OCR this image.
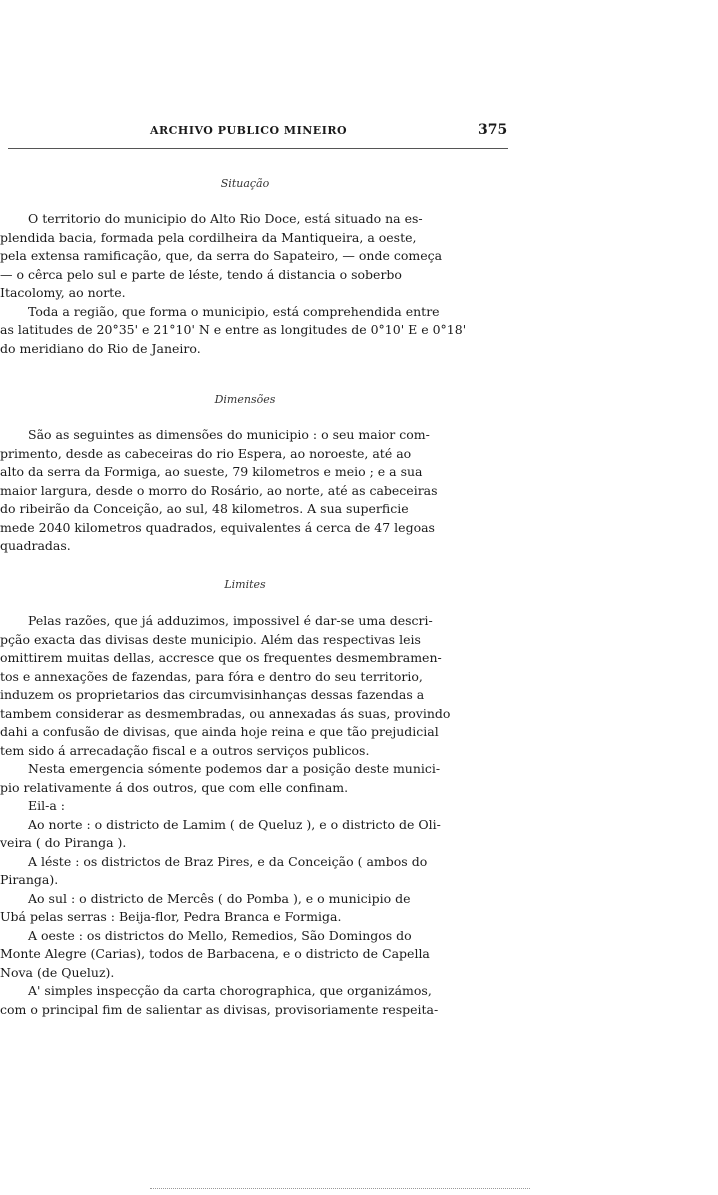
ARCHIVO PUBLICO MINEIRO	375
Situação
O territorio do municipio do Alto Rio Doce, está situado na es-
plendida bacia, formada pela cordilheira da Mantiqueira, a oeste,
pela extensa ramificação, que, da serra do Sapateiro, — onde começa
— o cêrca pelo sul e parte de léste, tendo á distancia o soberbo
Itacolomy, ao norte.
Toda a região, que forma o municipio, está comprehendida entre
as latitudes de 20°35' e 21°10' N e entre as longitudes de 0°10' E e 0°18'
do meridiano do Rio de Janeiro.
Dimensões
São as seguintes as dimensões do municipio : o seu maior com-
primento, desde as cabeceiras do rio Espera, ao noroeste, até ao
alto da serra da Formiga, ao sueste, 79 kilometros e meio ; e a sua
maior largura, desde o morro do Rosário, ao norte, até as cabeceiras
do ribeirão da Conceição, ao sul, 48 kilometros. A sua superficie
mede 2040 kilometros quadrados, equivalentes á cerca de 47 legoas
quadradas.
Limites
Pelas razões, que já adduzimos, impossivel é dar-se uma descri-
pção exacta das divisas deste municipio. Além das respectivas leis
omittirem muitas dellas, accresce que os frequentes desmembramen-
tos e annexações de fazendas, para fóra e dentro do seu territorio,
induzem os proprietarios das circumvisinhanças dessas fazendas a
tambem considerar as desmembradas, ou annexadas ás suas, provindo
dahi a confusão de divisas, que ainda hoje reina e que tão prejudicial
tem sido á arrecadação fiscal e a outros serviços publicos.
Nesta emergencia sómente podemos dar a posição deste munici-
pio relativamente á dos outros, que com elle confinam.
Eil-a :
Ao norte : o districto de Lamim ( de Queluz ), e o districto de Oli-
veira ( do Piranga ).
A léste : os districtos de Braz Pires, e da Conceição ( ambos do
Piranga).
Ao sul : o districto de Mercês ( do Pomba ), e o municipio de
Ubá pelas serras : Beija-flor, Pedra Branca e Formiga.
A oeste : os districtos do Mello, Remedios, São Domingos do
Monte Alegre (Carias), todos de Barbacena, e o districto de Capella
Nova (de Queluz).
A' simples inspecção da carta chorographica, que organizámos,
com o principal fim de salientar as divisas, provisoriamente respeita-
